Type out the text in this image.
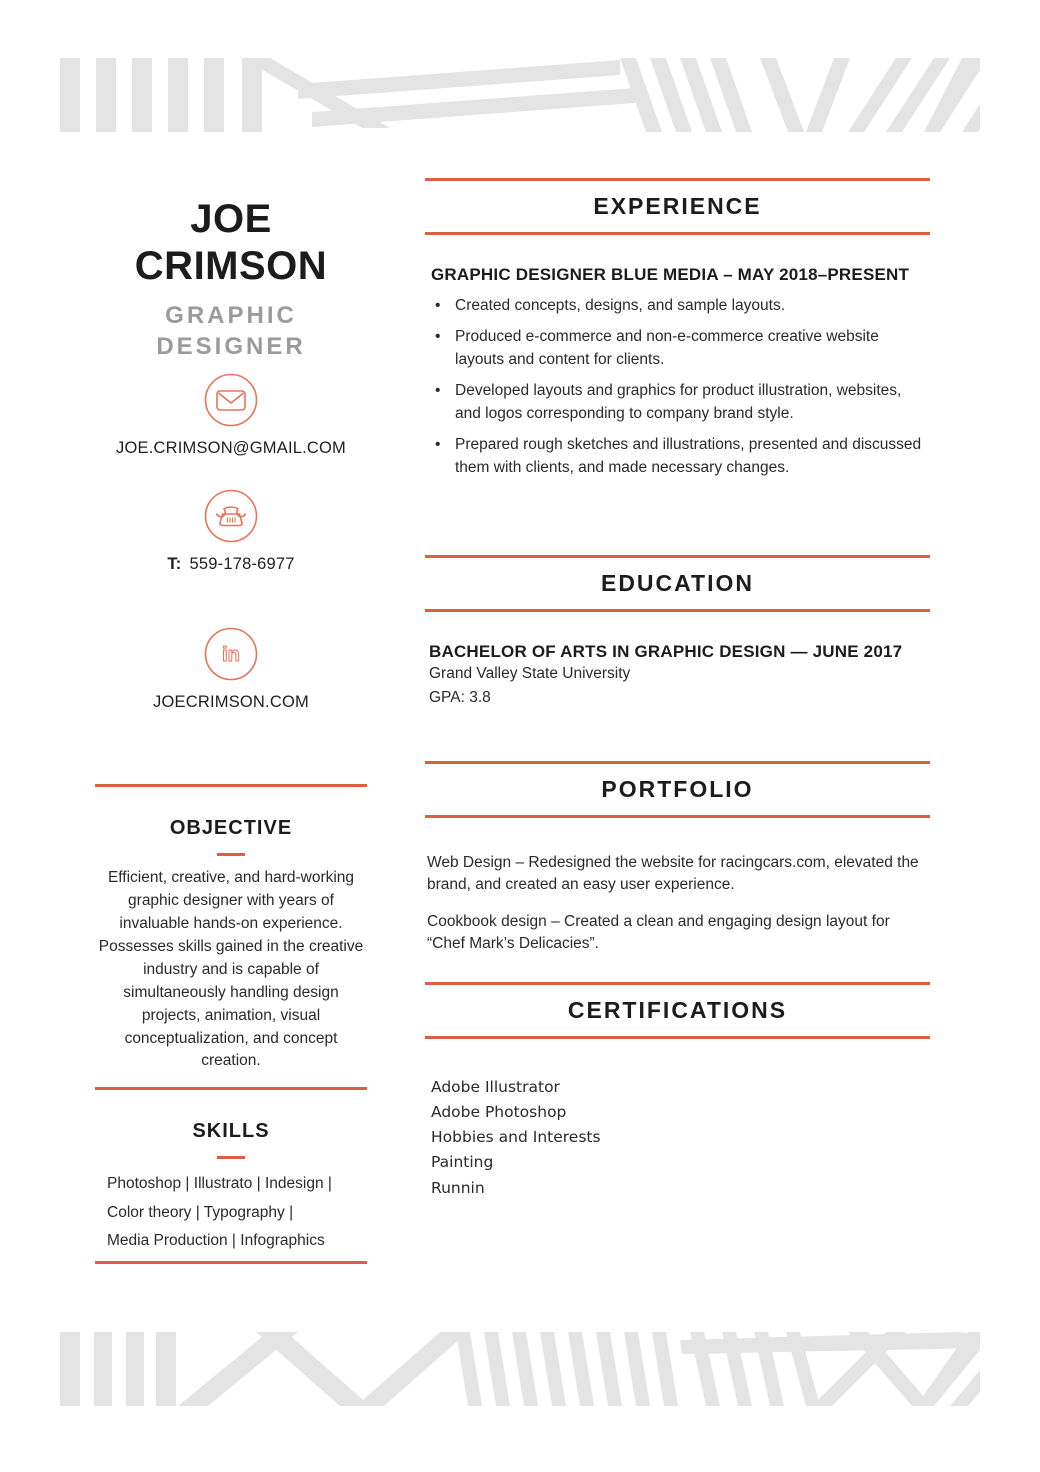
JOE
CRIMSON
GRAPHIC
DESIGNER
JOE.CRIMSON@GMAIL.COM
T: 559-178-6977
in
JOECRIMSON.COM
OBJECTIVE

Efficient, creative, and hard-working graphic designer with years of invaluable hands-on experience. Possesses skills gained in the creative industry and is capable of simultaneously handling design projects, animation, visual conceptualization, and concept creation.

SKILLS
Photoshop | Illustrato | Indesign |
Color theory | Typography |
Media Production | Infographics
EXPERIENCE
GRAPHIC DESIGNER BLUE MEDIA – MAY 2018–PRESENT
• Created concepts, designs, and sample layouts.
• Produced e-commerce and non-e-commerce creative website layouts and content for clients.
• Developed layouts and graphics for product illustration, websites, and logos corresponding to company brand style.
• Prepared rough sketches and illustrations, presented and discussed them with clients, and made necessary changes.
EDUCATION
BACHELOR OF ARTS IN GRAPHIC DESIGN — JUNE 2017
Grand Valley State University
GPA: 3.8
PORTFOLIO

Web Design – Redesigned the website for racingcars.com, elevated the brand, and created an easy user experience.

Cookbook design – Created a clean and engaging design layout for “Chef Mark’s Delicacies”.

CERTIFICATIONS
Adobe Illustrator
Adobe Photoshop
Hobbies and Interests
Painting
Runnin
